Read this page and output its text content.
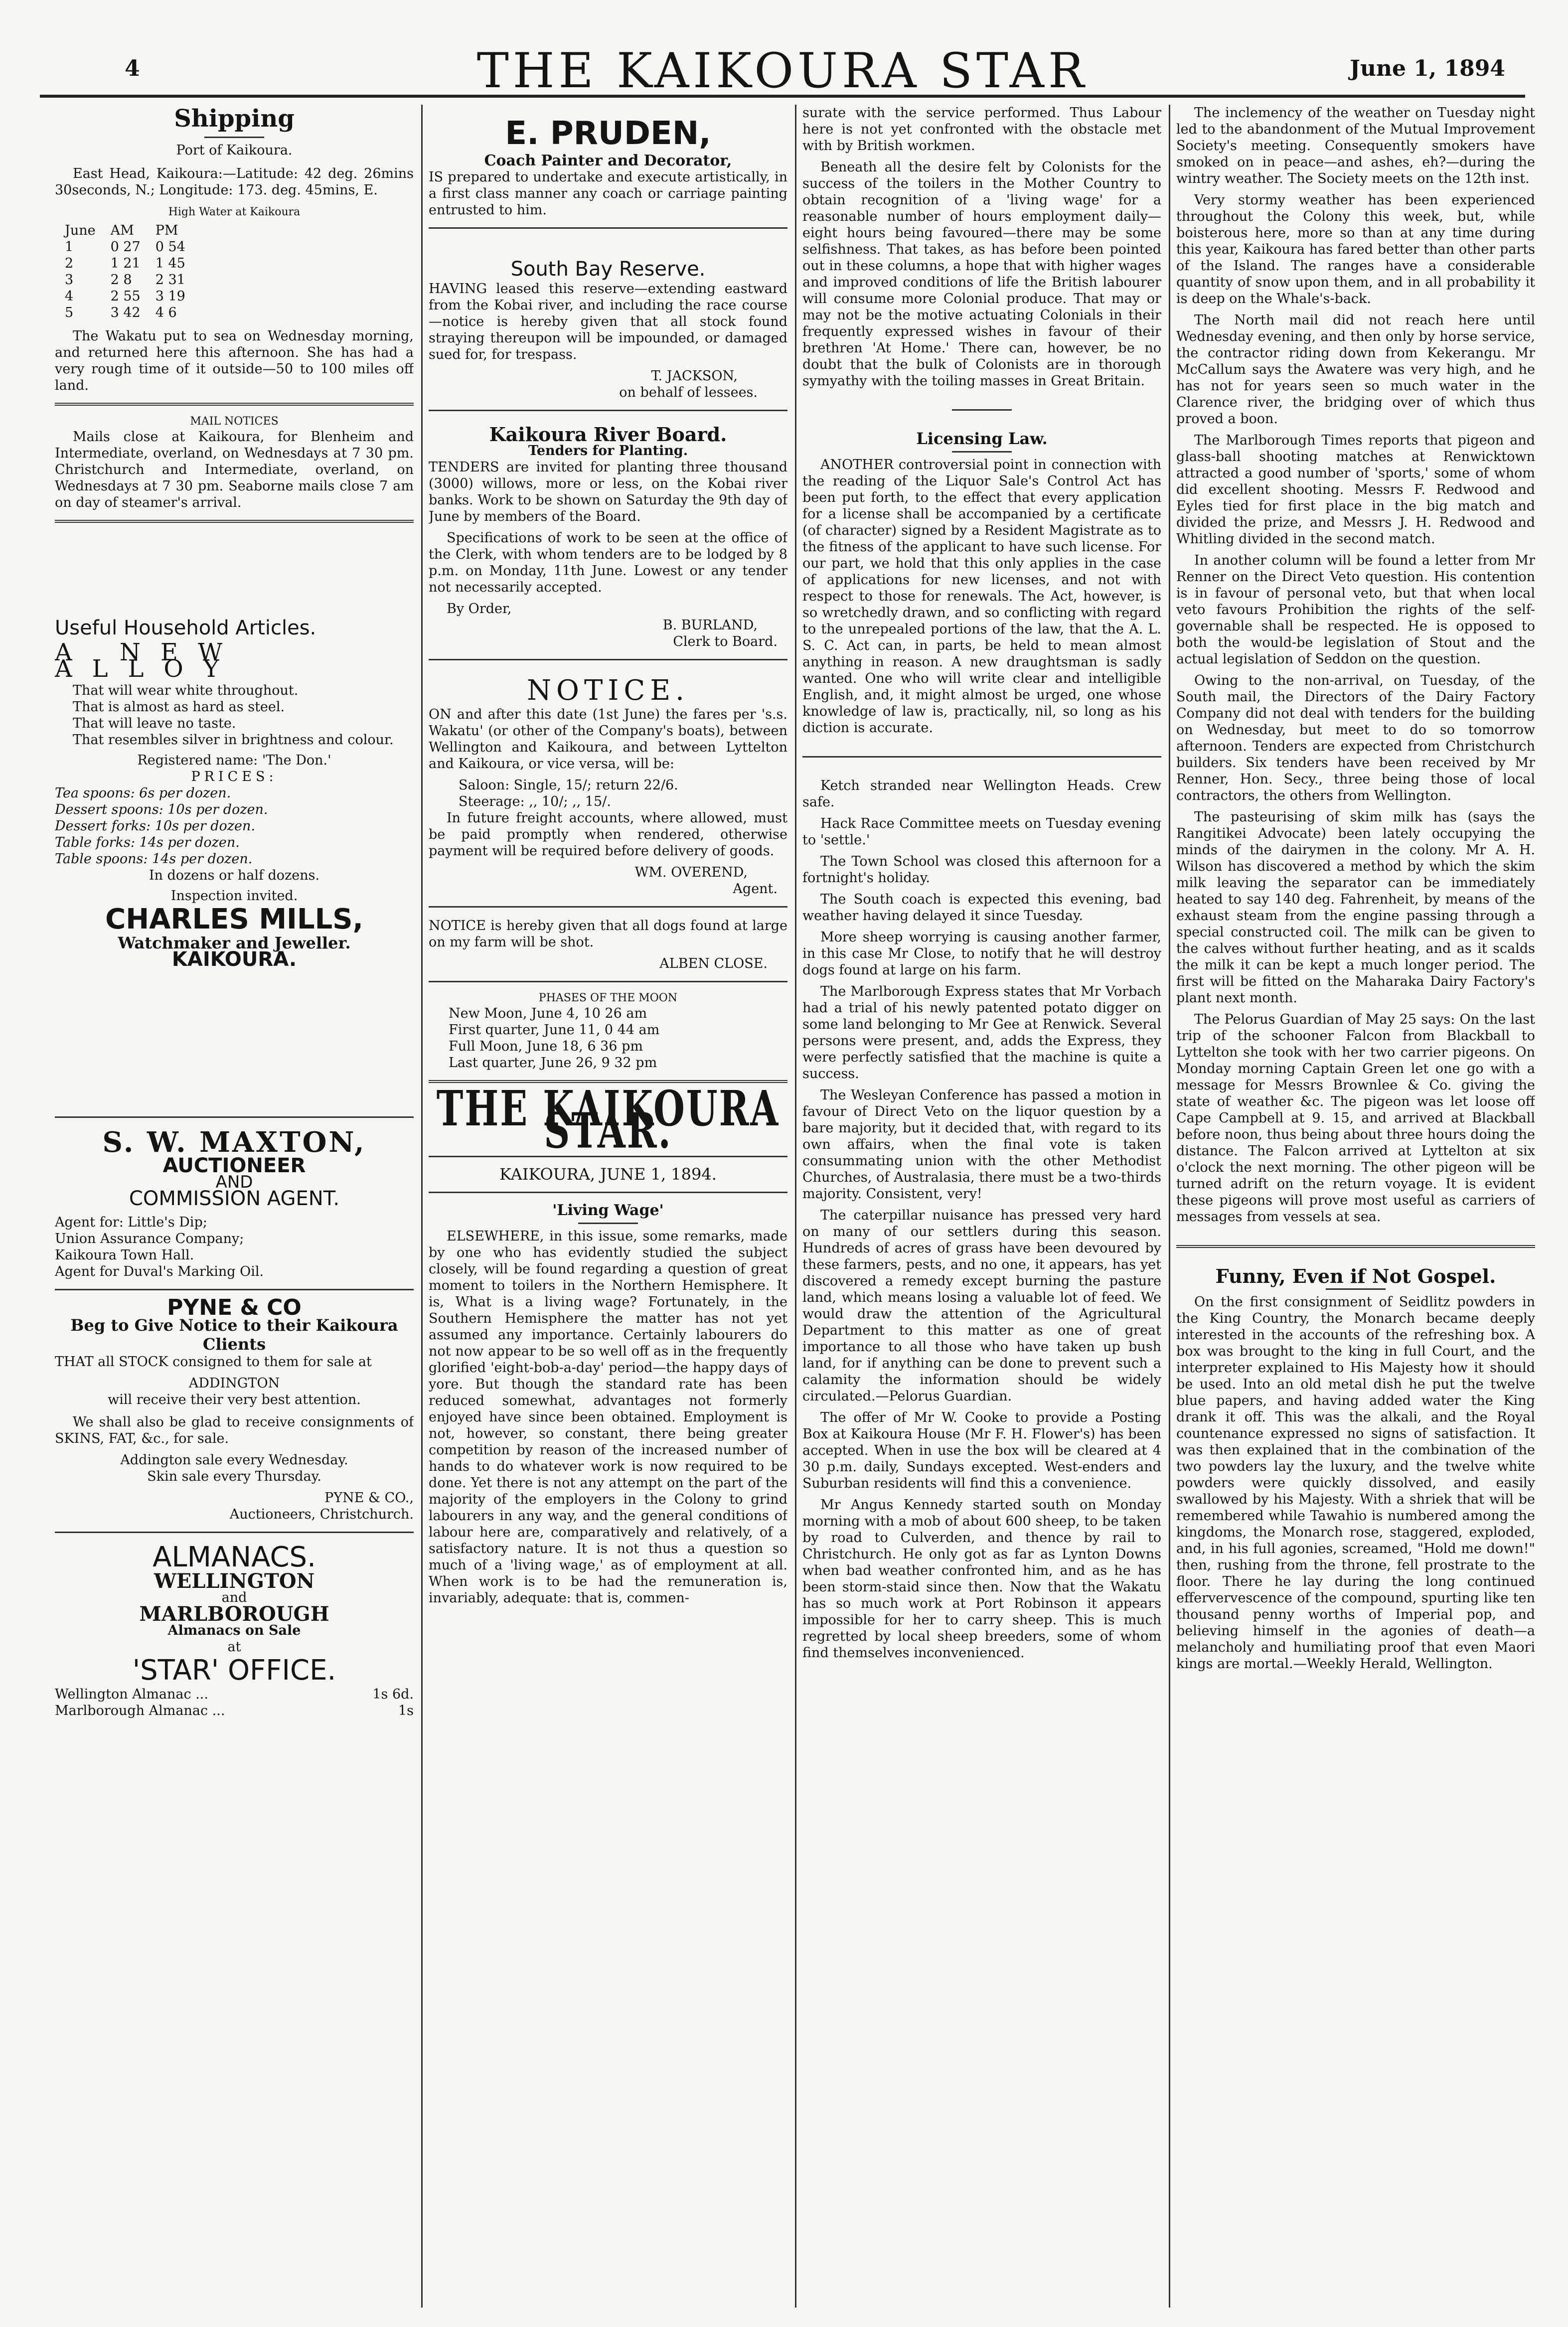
4	THE KAIKOURA STAR	June 1, 1894
Shipping
Port of Kaikoura.

East Head, Kaikoura:—Latitude: 42 deg. 26mins 30seconds, N.; Longitude: 173. deg. 45mins, E.

High Water at Kaikoura
June	AM	PM
1	0 27	0 54
2	1 21	1 45
3	2 8	2 31
4	2 55	3 19
5	3 42	4 6

The Wakatu put to sea on Wednesday morning, and returned here this afternoon. She has had a very rough time of it outside—50 to 100 miles off land.

MAIL NOTICES

Mails close at Kaikoura, for Blenheim and Intermediate, overland, on Wednesdays at 7 30 pm. Christchurch and Intermediate, overland, on Wednesdays at 7 30 pm. Seaborne mails close 7 am on day of steamer's arrival.

Useful Household Articles.
A NEW ALLOY
That will wear white throughout.
That is almost as hard as steel.
That will leave no taste.
That resembles silver in brightness and colour.
Registered name: 'The Don.'
PRICES:
Tea spoons: 6s per dozen.
Dessert spoons: 10s per dozen.
Dessert forks: 10s per dozen.
Table forks: 14s per dozen.
Table spoons: 14s per dozen.
In dozens or half dozens.
Inspection invited.
CHARLES MILLS,
Watchmaker and Jeweller.
KAIKOURA.
S. W. MAXTON,
AUCTIONEER
AND
COMMISSION AGENT.
Agent for: Little's Dip;
Union Assurance Company;
Kaikoura Town Hall.
Agent for Duval's Marking Oil.
PYNE & CO
Beg to Give Notice to their Kaikoura Clients

THAT all STOCK consigned to them for sale at

ADDINGTON
will receive their very best attention.

We shall also be glad to receive consignments of SKINS, FAT, &c., for sale.

Addington sale every Wednesday.
Skin sale every Thursday.
PYNE & CO.,
Auctioneers, Christchurch.
ALMANACS.
WELLINGTON
and
MARLBOROUGH
Almanacs on Sale
at
'STAR' OFFICE.
Wellington Almanac ...	1s 6d.
Marlborough Almanac ...	1s
E. PRUDEN,
Coach Painter and Decorator,

IS prepared to undertake and execute artistically, in a first class manner any coach or carriage painting entrusted to him.

South Bay Reserve.

HAVING leased this reserve—extending eastward from the Kobai river, and including the race course—notice is hereby given that all stock found straying thereupon will be impounded, or damaged sued for, for trespass.

T. JACKSON,
on behalf of lessees.
Kaikoura River Board.
Tenders for Planting.

TENDERS are invited for planting three thousand (3000) willows, more or less, on the Kobai river banks. Work to be shown on Saturday the 9th day of June by members of the Board.

Specifications of work to be seen at the office of the Clerk, with whom tenders are to be lodged by 8 p.m. on Monday, 11th June. Lowest or any tender not necessarily accepted.

By Order,
B. BURLAND,
Clerk to Board.
NOTICE.

ON and after this date (1st June) the fares per 's.s. Wakatu' (or other of the Company's boats), between Wellington and Kaikoura, and between Lyttelton and Kaikoura, or vice versa, will be:

Saloon: Single, 15/; return 22/6.
Steerage: ,, 10/; ,, 15/.

In future freight accounts, where allowed, must be paid promptly when rendered, otherwise payment will be required before delivery of goods.

WM. OVEREND,
Agent.

NOTICE is hereby given that all dogs found at large on my farm will be shot.

ALBEN CLOSE.
PHASES OF THE MOON
New Moon, June 4, 10 26 am
First quarter, June 11, 0 44 am
Full Moon, June 18, 6 36 pm
Last quarter, June 26, 9 32 pm
THE KAIKOURA STAR.
KAIKOURA, JUNE 1, 1894.
'Living Wage'

ELSEWHERE, in this issue, some remarks, made by one who has evidently studied the subject closely, will be found regarding a question of great moment to toilers in the Northern Hemisphere. It is, What is a living wage? Fortunately, in the Southern Hemisphere the matter has not yet assumed any importance. Certainly labourers do not now appear to be so well off as in the frequently glorified 'eight-bob-a-day' period—the happy days of yore. But though the standard rate has been reduced somewhat, advantages not formerly enjoyed have since been obtained. Employment is not, however, so constant, there being greater competition by reason of the increased number of hands to do whatever work is now required to be done. Yet there is not any attempt on the part of the majority of the employers in the Colony to grind labourers in any way, and the general conditions of labour here are, comparatively and relatively, of a satisfactory nature. It is not thus a question so much of a 'living wage,' as of employment at all. When work is to be had the remuneration is, invariably, adequate: that is, commen-

surate with the service performed. Thus Labour here is not yet confronted with the obstacle met with by British workmen.

Beneath all the desire felt by Colonists for the success of the toilers in the Mother Country to obtain recognition of a 'living wage' for a reasonable number of hours employment daily—eight hours being favoured—there may be some selfishness. That takes, as has before been pointed out in these columns, a hope that with higher wages and improved conditions of life the British labourer will consume more Colonial produce. That may or may not be the motive actuating Colonials in their frequently expressed wishes in favour of their brethren 'At Home.' There can, however, be no doubt that the bulk of Colonists are in thorough symyathy with the toiling masses in Great Britain.

Licensing Law.

ANOTHER controversial point in connection with the reading of the Liquor Sale's Control Act has been put forth, to the effect that every application for a license shall be accompanied by a certificate (of character) signed by a Resident Magistrate as to the fitness of the applicant to have such license. For our part, we hold that this only applies in the case of applications for new licenses, and not with respect to those for renewals. The Act, however, is so wretchedly drawn, and so conflicting with regard to the unrepealed portions of the law, that the A. L. S. C. Act can, in parts, be held to mean almost anything in reason. A new draughtsman is sadly wanted. One who will write clear and intelligible English, and, it might almost be urged, one whose knowledge of law is, practically, nil, so long as his diction is accurate.

Ketch stranded near Wellington Heads. Crew safe.

Hack Race Committee meets on Tuesday evening to 'settle.'

The Town School was closed this afternoon for a fortnight's holiday.

The South coach is expected this evening, bad weather having delayed it since Tuesday.

More sheep worrying is causing another farmer, in this case Mr Close, to notify that he will destroy dogs found at large on his farm.

The Marlborough Express states that Mr Vorbach had a trial of his newly patented potato digger on some land belonging to Mr Gee at Renwick. Several persons were present, and, adds the Express, they were perfectly satisfied that the machine is quite a success.

The Wesleyan Conference has passed a motion in favour of Direct Veto on the liquor question by a bare majority, but it decided that, with regard to its own affairs, when the final vote is taken consummating union with the other Methodist Churches, of Australasia, there must be a two-thirds majority. Consistent, very!

The caterpillar nuisance has pressed very hard on many of our settlers during this season. Hundreds of acres of grass have been devoured by these farmers, pests, and no one, it appears, has yet discovered a remedy except burning the pasture land, which means losing a valuable lot of feed. We would draw the attention of the Agricultural Department to this matter as one of great importance to all those who have taken up bush land, for if anything can be done to prevent such a calamity the information should be widely circulated.—Pelorus Guardian.

The offer of Mr W. Cooke to provide a Posting Box at Kaikoura House (Mr F. H. Flower's) has been accepted. When in use the box will be cleared at 4 30 p.m. daily, Sundays excepted. West-enders and Suburban residents will find this a convenience.

Mr Angus Kennedy started south on Monday morning with a mob of about 600 sheep, to be taken by road to Culverden, and thence by rail to Christchurch. He only got as far as Lynton Downs when bad weather confronted him, and as he has been storm-staid since then. Now that the Wakatu has so much work at Port Robinson it appears impossible for her to carry sheep. This is much regretted by local sheep breeders, some of whom find themselves inconvenienced.

The inclemency of the weather on Tuesday night led to the abandonment of the Mutual Improvement Society's meeting. Consequently smokers have smoked on in peace—and ashes, eh?—during the wintry weather. The Society meets on the 12th inst.

Very stormy weather has been experienced throughout the Colony this week, but, while boisterous here, more so than at any time during this year, Kaikoura has fared better than other parts of the Island. The ranges have a considerable quantity of snow upon them, and in all probability it is deep on the Whale's-back.

The North mail did not reach here until Wednesday evening, and then only by horse service, the contractor riding down from Kekerangu. Mr McCallum says the Awatere was very high, and he has not for years seen so much water in the Clarence river, the bridging over of which thus proved a boon.

The Marlborough Times reports that pigeon and glass-ball shooting matches at Renwicktown attracted a good number of 'sports,' some of whom did excellent shooting. Messrs F. Redwood and Eyles tied for first place in the big match and divided the prize, and Messrs J. H. Redwood and Whitling divided in the second match.

In another column will be found a letter from Mr Renner on the Direct Veto question. His contention is in favour of personal veto, but that when local veto favours Prohibition the rights of the self-governable shall be respected. He is opposed to both the would-be legislation of Stout and the actual legislation of Seddon on the question.

Owing to the non-arrival, on Tuesday, of the South mail, the Directors of the Dairy Factory Company did not deal with tenders for the building on Wednesday, but meet to do so tomorrow afternoon. Tenders are expected from Christchurch builders. Six tenders have been received by Mr Renner, Hon. Secy., three being those of local contractors, the others from Wellington.

The pasteurising of skim milk has (says the Rangitikei Advocate) been lately occupying the minds of the dairymen in the colony. Mr A. H. Wilson has discovered a method by which the skim milk leaving the separator can be immediately heated to say 140 deg. Fahrenheit, by means of the exhaust steam from the engine passing through a special constructed coil. The milk can be given to the calves without further heating, and as it scalds the milk it can be kept a much longer period. The first will be fitted on the Maharaka Dairy Factory's plant next month.

The Pelorus Guardian of May 25 says: On the last trip of the schooner Falcon from Blackball to Lyttelton she took with her two carrier pigeons. On Monday morning Captain Green let one go with a message for Messrs Brownlee & Co. giving the state of weather &c. The pigeon was let loose off Cape Campbell at 9. 15, and arrived at Blackball before noon, thus being about three hours doing the distance. The Falcon arrived at Lyttelton at six o'clock the next morning. The other pigeon will be turned adrift on the return voyage. It is evident these pigeons will prove most useful as carriers of messages from vessels at sea.

Funny, Even if Not Gospel.

On the first consignment of Seidlitz powders in the King Country, the Monarch became deeply interested in the accounts of the refreshing box. A box was brought to the king in full Court, and the interpreter explained to His Majesty how it should be used. Into an old metal dish he put the twelve blue papers, and having added water the King drank it off. This was the alkali, and the Royal countenance expressed no signs of satisfaction. It was then explained that in the combination of the two powders lay the luxury, and the twelve white powders were quickly dissolved, and easily swallowed by his Majesty. With a shriek that will be remembered while Tawahio is numbered among the kingdoms, the Monarch rose, staggered, exploded, and, in his full agonies, screamed, "Hold me down!" then, rushing from the throne, fell prostrate to the floor. There he lay during the long continued effervervescence of the compound, spurting like ten thousand penny worths of Imperial pop, and believing himself in the agonies of death—a melancholy and humiliating proof that even Maori kings are mortal.—Weekly Herald, Wellington.
